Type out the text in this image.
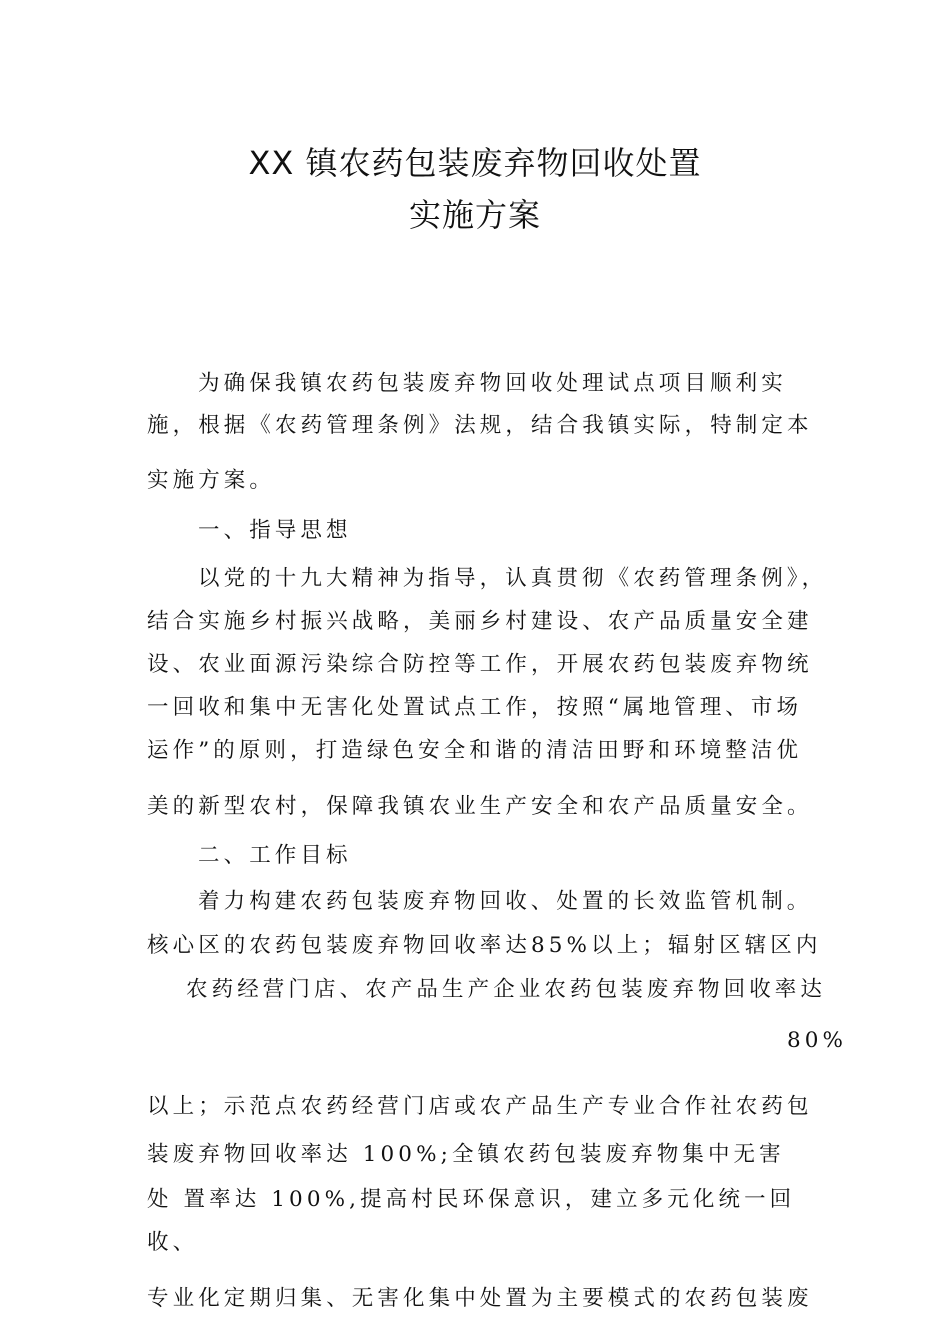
XX 镇农药包装废弃物回收处置
实施方案
为确保我镇农药包装废弃物回收处理试点项目顺利实
施，根据《农药管理条例》法规，结合我镇实际，特制定本
实施方案。
一、指导思想
以党的十九大精神为指导，认真贯彻《农药管理条例》，
结合实施乡村振兴战略，美丽乡村建设、农产品质量安全建
设、农业面源污染综合防控等工作，开展农药包装废弃物统
一回收和集中无害化处置试点工作，按照“属地管理、市场
运作”的原则，打造绿色安全和谐的清洁田野和环境整洁优
美的新型农村，保障我镇农业生产安全和农产品质量安全。
二、工作目标
着力构建农药包装废弃物回收、处置的长效监管机制。
核心区的农药包装废弃物回收率达85%以上；辐射区辖区内
农药经营门店、农产品生产企业农药包装废弃物回收率达
80%
以上；示范点农药经营门店或农产品生产专业合作社农药包
装废弃物回收率达 100%;全镇农药包装废弃物集中无害
处 置率达 100%,提高村民环保意识，建立多元化统一回
收、
专业化定期归集、无害化集中处置为主要模式的农药包装废
